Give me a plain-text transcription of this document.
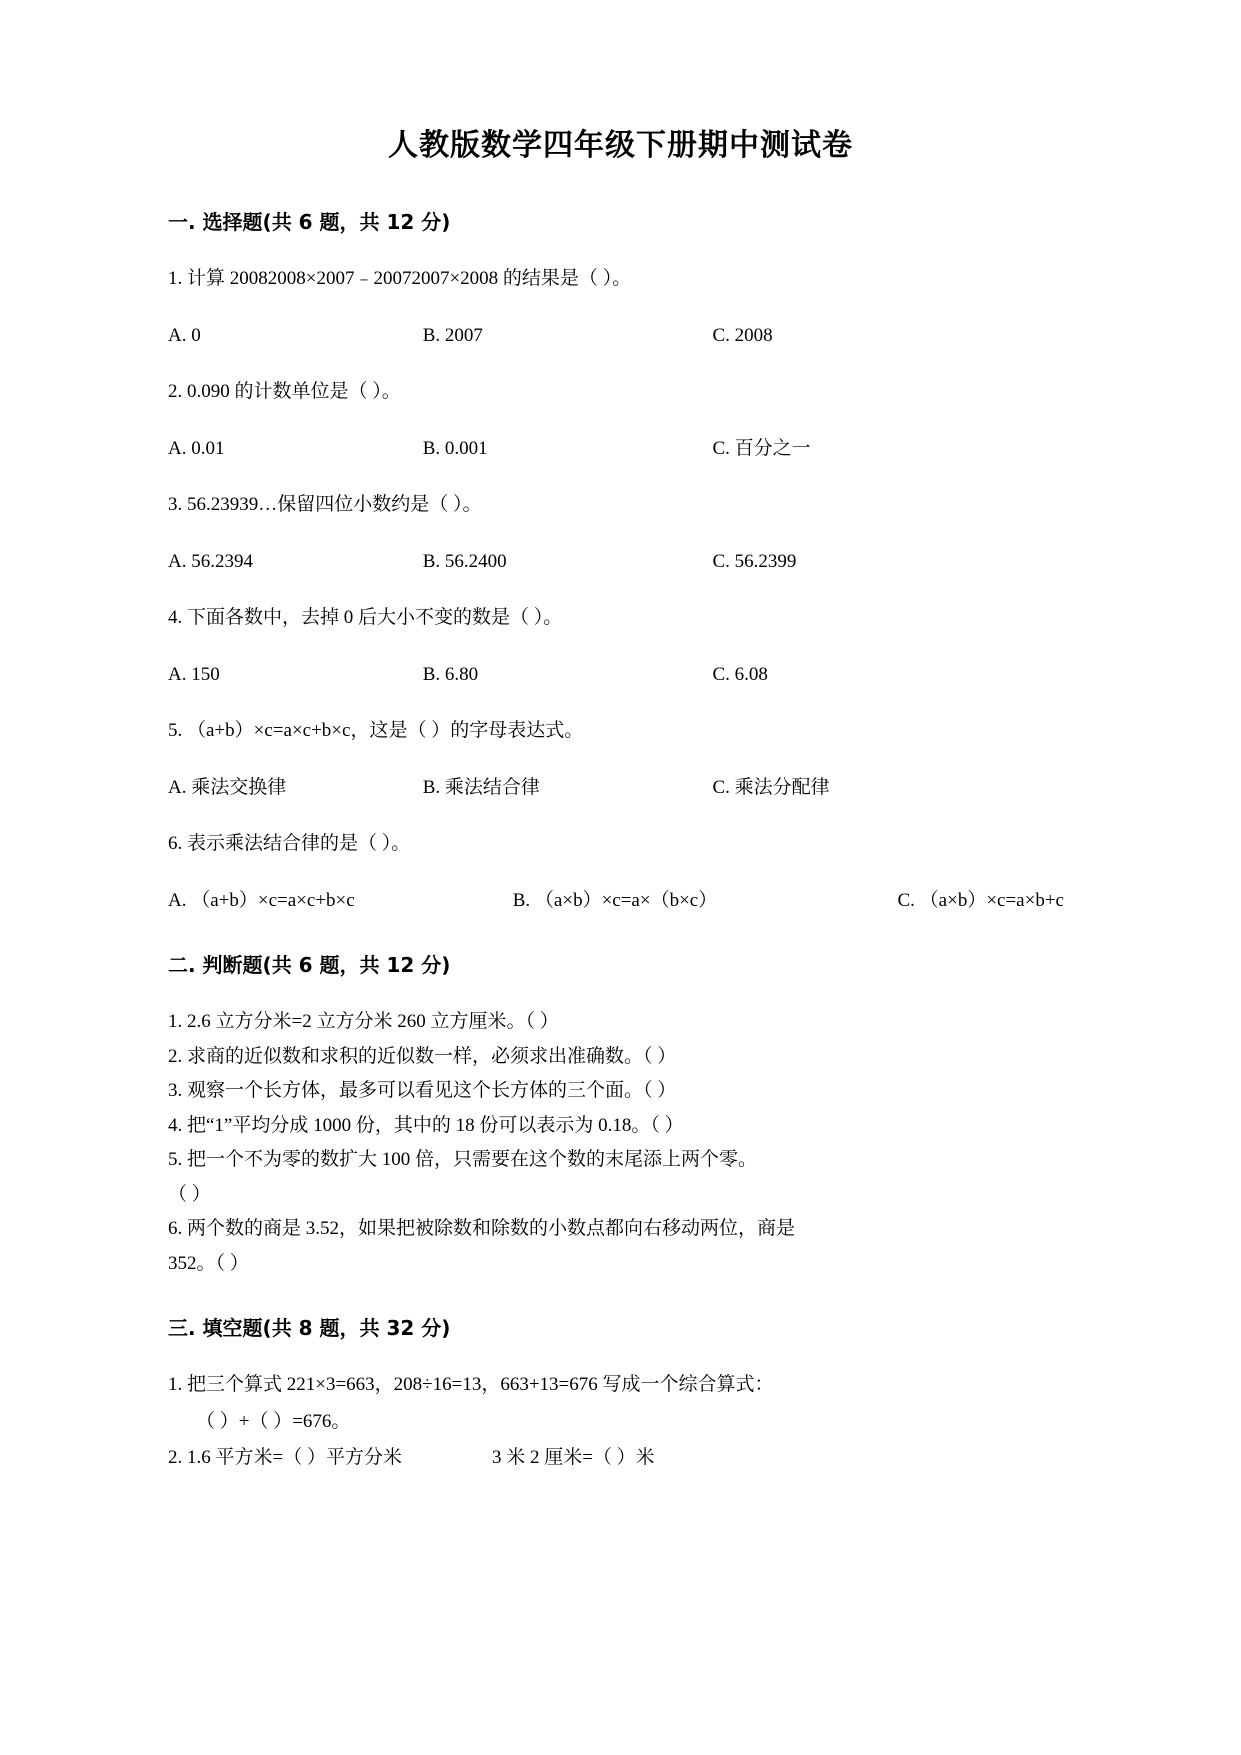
人教版数学四年级下册期中测试卷
一. 选择题(共 6 题，共 12 分)
1. 计算 20082008×2007﹣20072007×2008 的结果是（ ）。
A. 0	B. 2007	C. 2008
2. 0.090 的计数单位是（ ）。
A. 0.01	B. 0.001	C. 百分之一
3. 56.23939…保留四位小数约是（ ）。
A. 56.2394	B. 56.2400	C. 56.2399
4. 下面各数中，去掉 0 后大小不变的数是（ ）。
A. 150	B. 6.80	C. 6.08
5. （a+b）×c=a×c+b×c，这是（ ）的字母表达式。
A. 乘法交换律	B. 乘法结合律	C. 乘法分配律
6. 表示乘法结合律的是（ ）。
A. （a+b）×c=a×c+b×c	B. （a×b）×c=a×（b×c）	C. （a×b）×c=a×b+c
二. 判断题(共 6 题，共 12 分)
1. 2.6 立方分米=2 立方分米 260 立方厘米。（ ）
2. 求商的近似数和求积的近似数一样，必须求出准确数。（ ）
3. 观察一个长方体，最多可以看见这个长方体的三个面。（ ）
4. 把“1”平均分成 1000 份，其中的 18 份可以表示为 0.18。（ ）
5. 把一个不为零的数扩大 100 倍，只需要在这个数的末尾添上两个零。
（ ）
6. 两个数的商是 3.52，如果把被除数和除数的小数点都向右移动两位，商是
352。（ ）
三. 填空题(共 8 题，共 32 分)
1. 把三个算式 221×3=663，208÷16=13，663+13=676 写成一个综合算式：
（ ）+（ ）=676。
2. 1.6 平方米=（ ）平方分米	3 米 2 厘米=（ ）米
